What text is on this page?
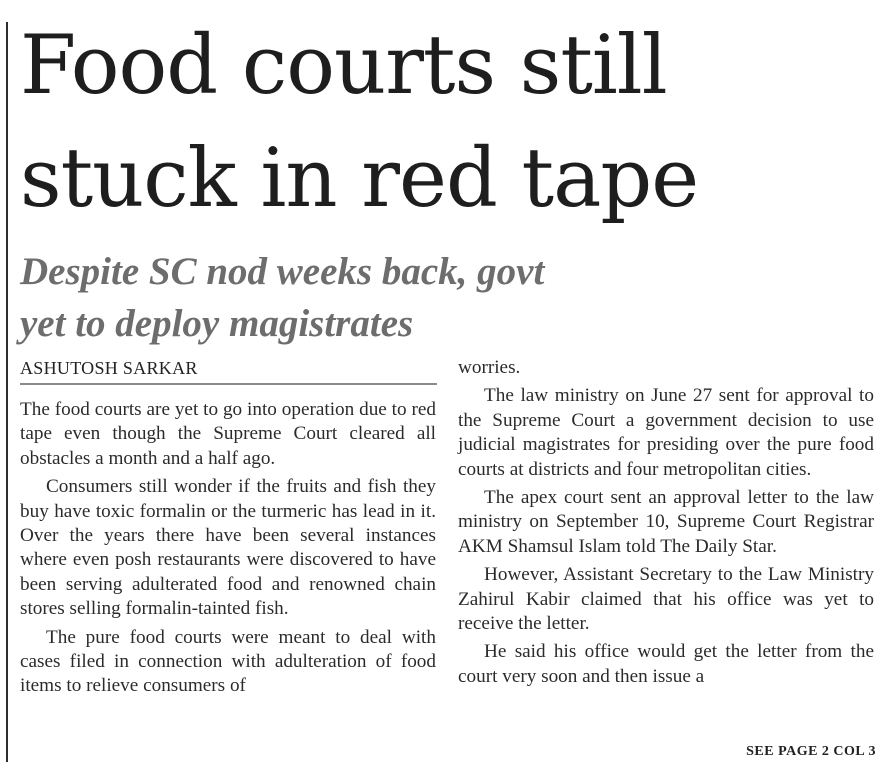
Food courts still
stuck in red tape
Despite SC nod weeks back, govt
yet to deploy magistrates
ASHUTOSH SARKAR

The food courts are yet to go into operation due to red tape even though the Supreme Court cleared all obstacles a month and a half ago.

Consumers still wonder if the fruits and fish they buy have toxic formalin or the turmeric has lead in it. Over the years there have been several instances where even posh restaurants were discovered to have been serving adulterated food and renowned chain stores selling formalin-tainted fish.

The pure food courts were meant to deal with cases filed in connection with adulteration of food items to relieve consumers of

worries.

The law ministry on June 27 sent for approval to the Supreme Court a government decision to use judicial magistrates for presiding over the pure food courts at districts and four metropolitan cities.

The apex court sent an approval letter to the law ministry on September 10, Supreme Court Registrar AKM Shamsul Islam told The Daily Star.

However, Assistant Secretary to the Law Ministry Zahirul Kabir claimed that his office was yet to receive the letter.

He said his office would get the letter from the court very soon and then issue a

SEE PAGE 2 COL 3
